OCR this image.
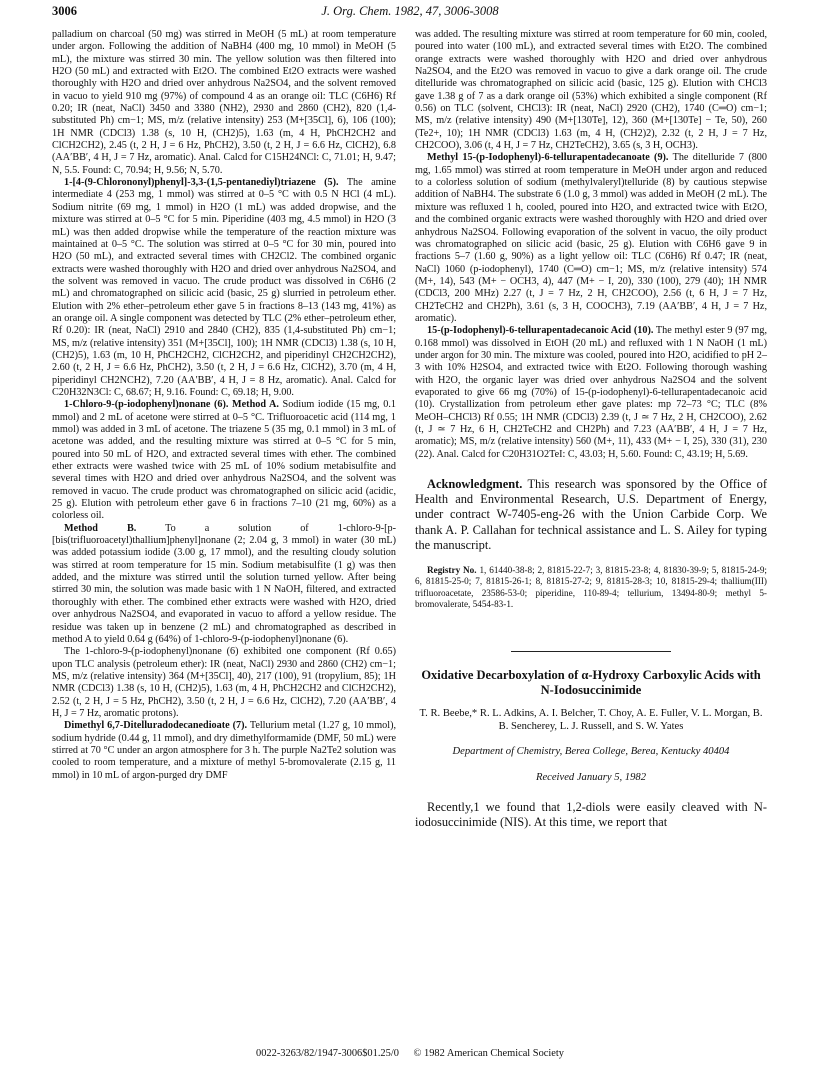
3006	J. Org. Chem. 1982, 47, 3006-3008

palladium on charcoal (50 mg) was stirred in MeOH (5 mL) at room temperature under argon. Following the addition of NaBH4 (400 mg, 10 mmol) in MeOH (5 mL), the mixture was stirred 30 min. The yellow solution was then filtered into H2O (50 mL) and extracted with Et2O. The combined Et2O extracts were washed thoroughly with H2O and dried over anhydrous Na2SO4, and the solvent removed in vacuo to yield 910 mg (97%) of compound 4 as an orange oil: TLC (C6H6) Rf 0.20; IR (neat, NaCl) 3450 and 3380 (NH2), 2930 and 2860 (CH2), 820 (1,4-substituted Ph) cm−1; MS, m/z (relative intensity) 253 (M+[35Cl], 6), 106 (100); 1H NMR (CDCl3) 1.38 (s, 10 H, (CH2)5), 1.63 (m, 4 H, PhCH2CH2 and ClCH2CH2), 2.45 (t, 2 H, J = 6 Hz, PhCH2), 3.50 (t, 2 H, J = 6.6 Hz, ClCH2), 6.8 (AA′BB′, 4 H, J = 7 Hz, aromatic). Anal. Calcd for C15H24NCl: C, 71.01; H, 9.47; N, 5.5. Found: C, 70.94; H, 9.56; N, 5.70.

1-[4-(9-Chlorononyl)phenyl]-3,3-(1,5-pentanediyl)triazene (5). The amine intermediate 4 (253 mg, 1 mmol) was stirred at 0–5 °C with 0.5 N HCl (4 mL). Sodium nitrite (69 mg, 1 mmol) in H2O (1 mL) was added dropwise, and the mixture was stirred at 0–5 °C for 5 min. Piperidine (403 mg, 4.5 mmol) in H2O (3 mL) was then added dropwise while the temperature of the reaction mixture was maintained at 0–5 °C. The solution was stirred at 0–5 °C for 30 min, poured into H2O (50 mL), and extracted several times with CH2Cl2. The combined organic extracts were washed thoroughly with H2O and dried over anhydrous Na2SO4, and the solvent was removed in vacuo. The crude product was dissolved in C6H6 (2 mL) and chromatographed on silicic acid (basic, 25 g) slurried in petroleum ether. Elution with 2% ether–petroleum ether gave 5 in fractions 8–13 (143 mg, 41%) as an orange oil. A single component was detected by TLC (2% ether–petroleum ether, Rf 0.20): IR (neat, NaCl) 2910 and 2840 (CH2), 835 (1,4-substituted Ph) cm−1; MS, m/z (relative intensity) 351 (M+[35Cl], 100); 1H NMR (CDCl3) 1.38 (s, 10 H, (CH2)5), 1.63 (m, 10 H, PhCH2CH2, ClCH2CH2, and piperidinyl CH2CH2CH2), 2.60 (t, 2 H, J = 6.6 Hz, PhCH2), 3.50 (t, 2 H, J = 6.6 Hz, ClCH2), 3.70 (m, 4 H, piperidinyl CH2NCH2), 7.20 (AA′BB′, 4 H, J = 8 Hz, aromatic). Anal. Calcd for C20H32N3Cl: C, 68.67; H, 9.16. Found: C, 69.18; H, 9.00.

1-Chloro-9-(p-iodophenyl)nonane (6). Method A. Sodium iodide (15 mg, 0.1 mmol) and 2 mL of acetone were stirred at 0–5 °C. Trifluoroacetic acid (114 mg, 1 mmol) was added in 3 mL of acetone. The triazene 5 (35 mg, 0.1 mmol) in 3 mL of acetone was added, and the resulting mixture was stirred at 0–5 °C for 5 min, poured into 50 mL of H2O, and extracted several times with ether. The combined ether extracts were washed twice with 25 mL of 10% sodium metabisulfite and several times with H2O and dried over anhydrous Na2SO4, and the solvent was removed in vacuo. The crude product was chromatographed on silicic acid (acidic, 25 g). Elution with petroleum ether gave 6 in fractions 7–10 (21 mg, 60%) as a colorless oil.

Method B. To a solution of 1-chloro-9-[p-[bis(trifluoroacetyl)thallium]phenyl]nonane (2; 2.04 g, 3 mmol) in water (30 mL) was added potassium iodide (3.00 g, 17 mmol), and the resulting cloudy solution was stirred at room temperature for 15 min. Sodium metabisulfite (1 g) was then added, and the mixture was stirred until the solution turned yellow. After being stirred 30 min, the solution was made basic with 1 N NaOH, filtered, and extracted thoroughly with ether. The combined ether extracts were washed with H2O, dried over anhydrous Na2SO4, and evaporated in vacuo to afford a yellow residue. The residue was taken up in benzene (2 mL) and chromatographed as described in method A to yield 0.64 g (64%) of 1-chloro-9-(p-iodophenyl)nonane (6).

The 1-chloro-9-(p-iodophenyl)nonane (6) exhibited one component (Rf 0.65) upon TLC analysis (petroleum ether): IR (neat, NaCl) 2930 and 2860 (CH2) cm−1; MS, m/z (relative intensity) 364 (M+[35Cl], 40), 217 (100), 91 (tropylium, 85); 1H NMR (CDCl3) 1.38 (s, 10 H, (CH2)5), 1.63 (m, 4 H, PhCH2CH2 and ClCH2CH2), 2.52 (t, 2 H, J = 5 Hz, PhCH2), 3.50 (t, 2 H, J = 6.6 Hz, ClCH2), 7.20 (AA′BB′, 4 H, J = 7 Hz, aromatic protons).

Dimethyl 6,7-Ditelluradodecanedioate (7). Tellurium metal (1.27 g, 10 mmol), sodium hydride (0.44 g, 11 mmol), and dry dimethylformamide (DMF, 50 mL) were stirred at 70 °C under an argon atmosphere for 3 h. The purple Na2Te2 solution was cooled to room temperature, and a mixture of methyl 5-bromovalerate (2.15 g, 11 mmol) in 10 mL of argon-purged dry DMF

was added. The resulting mixture was stirred at room temperature for 60 min, cooled, poured into water (100 mL), and extracted several times with Et2O. The combined orange extracts were washed thoroughly with H2O and dried over anhydrous Na2SO4, and the Et2O was removed in vacuo to give a dark orange oil. The crude ditelluride was chromatographed on silicic acid (basic, 125 g). Elution with CHCl3 gave 1.38 g of 7 as a dark orange oil (53%) which exhibited a single component (Rf 0.56) on TLC (solvent, CHCl3): IR (neat, NaCl) 2920 (CH2), 1740 (C═O) cm−1; MS, m/z (relative intensity) 490 (M+[130Te], 12), 360 (M+[130Te] − Te, 50), 260 (Te2+, 10); 1H NMR (CDCl3) 1.63 (m, 4 H, (CH2)2), 2.32 (t, 2 H, J = 7 Hz, CH2COO), 3.06 (t, 4 H, J = 7 Hz, CH2TeCH2), 3.65 (s, 3 H, OCH3).

Methyl 15-(p-Iodophenyl)-6-tellurapentadecanoate (9). The ditelluride 7 (800 mg, 1.65 mmol) was stirred at room temperature in MeOH under argon and reduced to a colorless solution of sodium (methylvaleryl)telluride (8) by cautious stepwise addition of NaBH4. The substrate 6 (1.0 g, 3 mmol) was added in MeOH (2 mL). The mixture was refluxed 1 h, cooled, poured into H2O, and extracted twice with Et2O, and the combined organic extracts were washed thoroughly with H2O and dried over anhydrous Na2SO4. Following evaporation of the solvent in vacuo, the oily product was chromatographed on silicic acid (basic, 25 g). Elution with C6H6 gave 9 in fractions 5–7 (1.60 g, 90%) as a light yellow oil: TLC (C6H6) Rf 0.47; IR (neat, NaCl) 1060 (p-iodophenyl), 1740 (C═O) cm−1; MS, m/z (relative intensity) 574 (M+, 14), 543 (M+ − OCH3, 4), 447 (M+ − I, 20), 330 (100), 279 (40); 1H NMR (CDCl3, 200 MHz) 2.27 (t, J = 7 Hz, 2 H, CH2COO), 2.56 (t, 6 H, J = 7 Hz, CH2TeCH2 and CH2Ph), 3.61 (s, 3 H, COOCH3), 7.19 (AA′BB′, 4 H, J = 7 Hz, aromatic).

15-(p-Iodophenyl)-6-tellurapentadecanoic Acid (10). The methyl ester 9 (97 mg, 0.168 mmol) was dissolved in EtOH (20 mL) and refluxed with 1 N NaOH (1 mL) under argon for 30 min. The mixture was cooled, poured into H2O, acidified to pH 2–3 with 10% H2SO4, and extracted twice with Et2O. Following thorough washing with H2O, the organic layer was dried over anhydrous Na2SO4 and the solvent evaporated to give 66 mg (70%) of 15-(p-iodophenyl)-6-tellurapentadecanoic acid (10). Crystallization from petroleum ether gave plates: mp 72–73 °C; TLC (8% MeOH–CHCl3) Rf 0.55; 1H NMR (CDCl3) 2.39 (t, J ≃ 7 Hz, 2 H, CH2COO), 2.62 (t, J ≃ 7 Hz, 6 H, CH2TeCH2 and CH2Ph) and 7.23 (AA′BB′, 4 H, J = 7 Hz, aromatic); MS, m/z (relative intensity) 560 (M+, 11), 433 (M+ − I, 25), 330 (31), 230 (22). Anal. Calcd for C20H31O2TeI: C, 43.03; H, 5.60. Found: C, 43.19; H, 5.69.

Acknowledgment. This research was sponsored by the Office of Health and Environmental Research, U.S. Department of Energy, under contract W-7405-eng-26 with the Union Carbide Corp. We thank A. P. Callahan for technical assistance and L. S. Ailey for typing the manuscript.

Registry No. 1, 61440-38-8; 2, 81815-22-7; 3, 81815-23-8; 4, 81830-39-9; 5, 81815-24-9; 6, 81815-25-0; 7, 81815-26-1; 8, 81815-27-2; 9, 81815-28-3; 10, 81815-29-4; thallium(III) trifluoroacetate, 23586-53-0; piperidine, 110-89-4; tellurium, 13494-80-9; methyl 5-bromovalerate, 5454-83-1.

Oxidative Decarboxylation of α-Hydroxy Carboxylic Acids with N-Iodosuccinimide
T. R. Beebe,* R. L. Adkins, A. I. Belcher, T. Choy, A. E. Fuller, V. L. Morgan, B. B. Sencherey, L. J. Russell, and S. W. Yates
Department of Chemistry, Berea College, Berea, Kentucky 40404
Received January 5, 1982

Recently,1 we found that 1,2-diols were easily cleaved with N-iodosuccinimide (NIS). At this time, we report that

0022-3263/82/1947-3006$01.25/0 © 1982 American Chemical Society
